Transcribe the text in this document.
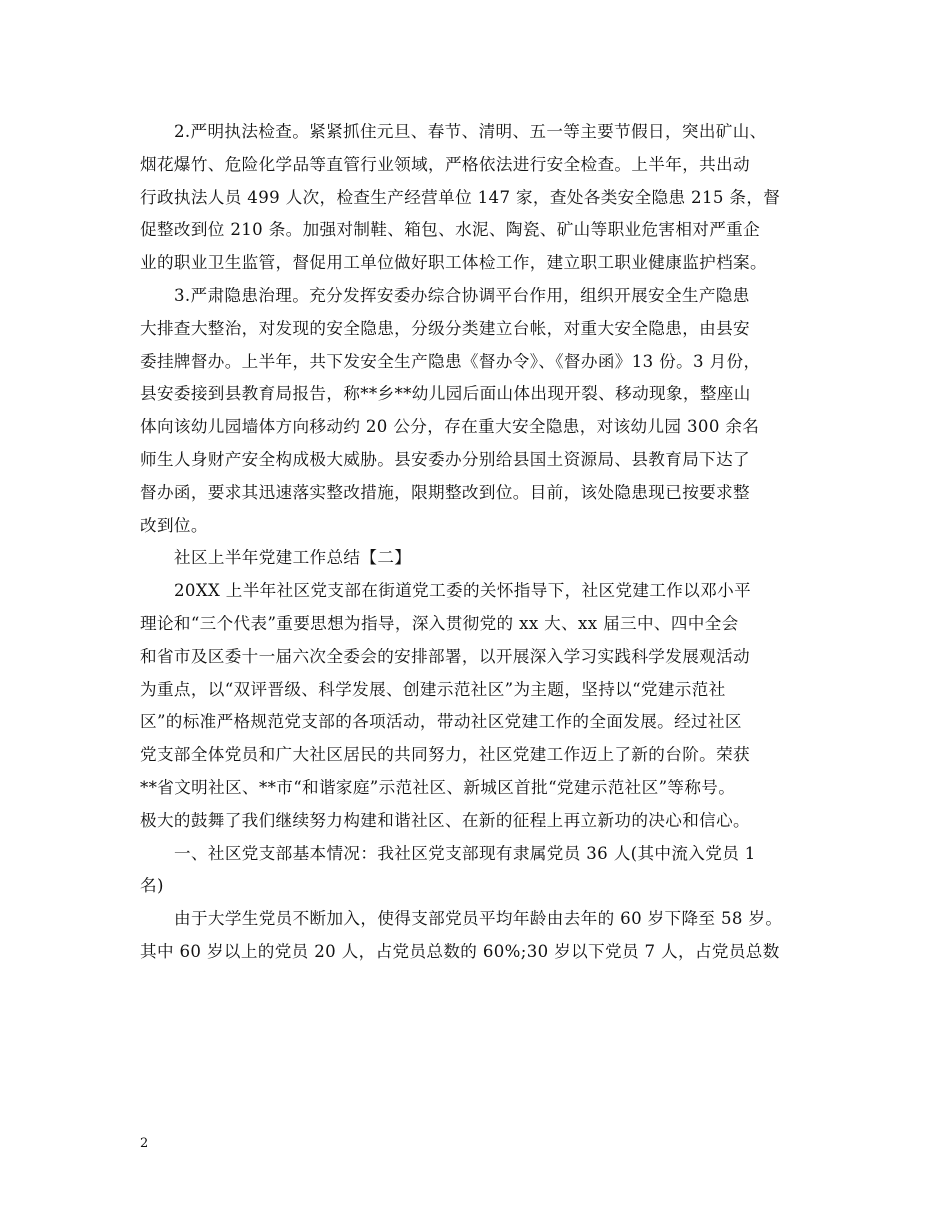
2.严明执法检查。紧紧抓住元旦、春节、清明、五一等主要节假日，突出矿山、
烟花爆竹、危险化学品等直管行业领域，严格依法进行安全检查。上半年，共出动
行政执法人员 499 人次，检查生产经营单位 147 家，查处各类安全隐患 215 条，督
促整改到位 210 条。加强对制鞋、箱包、水泥、陶瓷、矿山等职业危害相对严重企
业的职业卫生监管，督促用工单位做好职工体检工作，建立职工职业健康监护档案。
3.严肃隐患治理。充分发挥安委办综合协调平台作用，组织开展安全生产隐患
大排查大整治，对发现的安全隐患，分级分类建立台帐，对重大安全隐患，由县安
委挂牌督办。上半年，共下发安全生产隐患《督办令》、《督办函》13 份。3 月份，
县安委接到县教育局报告，称**乡**幼儿园后面山体出现开裂、移动现象，整座山
体向该幼儿园墙体方向移动约 20 公分，存在重大安全隐患，对该幼儿园 300 余名
师生人身财产安全构成极大威胁。县安委办分别给县国土资源局、县教育局下达了
督办函，要求其迅速落实整改措施，限期整改到位。目前，该处隐患现已按要求整
改到位。
社区上半年党建工作总结【二】
20XX 上半年社区党支部在街道党工委的关怀指导下，社区党建工作以邓小平
理论和“三个代表”重要思想为指导，深入贯彻党的 xx 大、xx 届三中、四中全会
和省市及区委十一届六次全委会的安排部署，以开展深入学习实践科学发展观活动
为重点，以“双评晋级、科学发展、创建示范社区”为主题，坚持以“党建示范社
区”的标准严格规范党支部的各项活动，带动社区党建工作的全面发展。经过社区
党支部全体党员和广大社区居民的共同努力，社区党建工作迈上了新的台阶。荣获
**省文明社区、**市“和谐家庭”示范社区、新城区首批“党建示范社区”等称号。
极大的鼓舞了我们继续努力构建和谐社区、在新的征程上再立新功的决心和信心。
一、社区党支部基本情况：我社区党支部现有隶属党员 36 人(其中流入党员 1
名)
由于大学生党员不断加入，使得支部党员平均年龄由去年的 60 岁下降至 58 岁。
其中 60 岁以上的党员 20 人，占党员总数的 60%;30 岁以下党员 7 人，占党员总数
2
